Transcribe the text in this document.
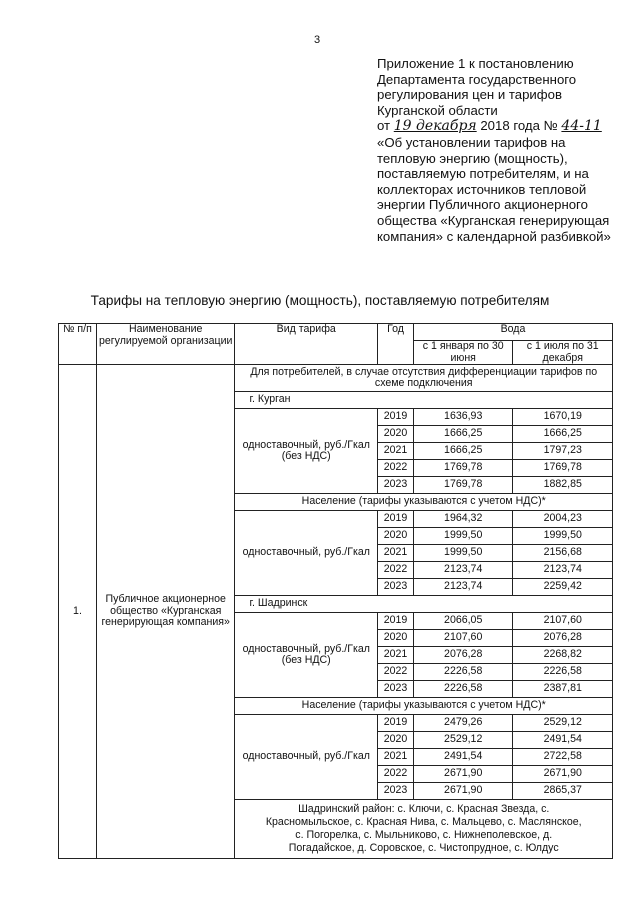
3
Приложение 1 к постановлению
Департамента государственного
регулирования цен и тарифов
Курганской области
от 19 декабря 2018 года № 44-11
«Об установлении тарифов на тепловую энергию (мощность), поставляемую потребителям, и на коллекторах источников тепловой энергии Публичного акционерного общества «Курганская генерирующая компания» с календарной разбивкой»
Тарифы на тепловую энергию (мощность), поставляемую потребителям
№ п/п	Наименование регулируемой организации	Вид тарифа	Год	Вода	
				с 1 января по 30 июня	с 1 июля по 31 декабря
1.	Публичное акционерное общество «Курганская генерирующая компания»	Для потребителей, в случае отсутствия дифференциации тарифов по схеме подключения			
		г. Курган			
		одноставочный, руб./Гкал (без НДС)	2019	1636,93	1670,19
			2020	1666,25	1666,25
			2021	1666,25	1797,23
			2022	1769,78	1769,78
			2023	1769,78	1882,85
		Население (тарифы указываются с учетом НДС)*			
		одноставочный, руб./Гкал	2019	1964,32	2004,23
			2020	1999,50	1999,50
			2021	1999,50	2156,68
			2022	2123,74	2123,74
			2023	2123,74	2259,42
		г. Шадринск			
		одноставочный, руб./Гкал (без НДС)	2019	2066,05	2107,60
			2020	2107,60	2076,28
			2021	2076,28	2268,82
			2022	2226,58	2226,58
			2023	2226,58	2387,81
		Население (тарифы указываются с учетом НДС)*			
		одноставочный, руб./Гкал	2019	2479,26	2529,12
			2020	2529,12	2491,54
			2021	2491,54	2722,58
			2022	2671,90	2671,90
			2023	2671,90	2865,37
		Шадринский район: с. Ключи, с. Красная Звезда, с. Красномыльское, с. Красная Нива, с. Мальцево, с. Маслянское, с. Погорелка, с. Мыльниково, с. Нижнеполевское, д. Погадайское, д. Соровское, с. Чистопрудное, с. Юлдус			
